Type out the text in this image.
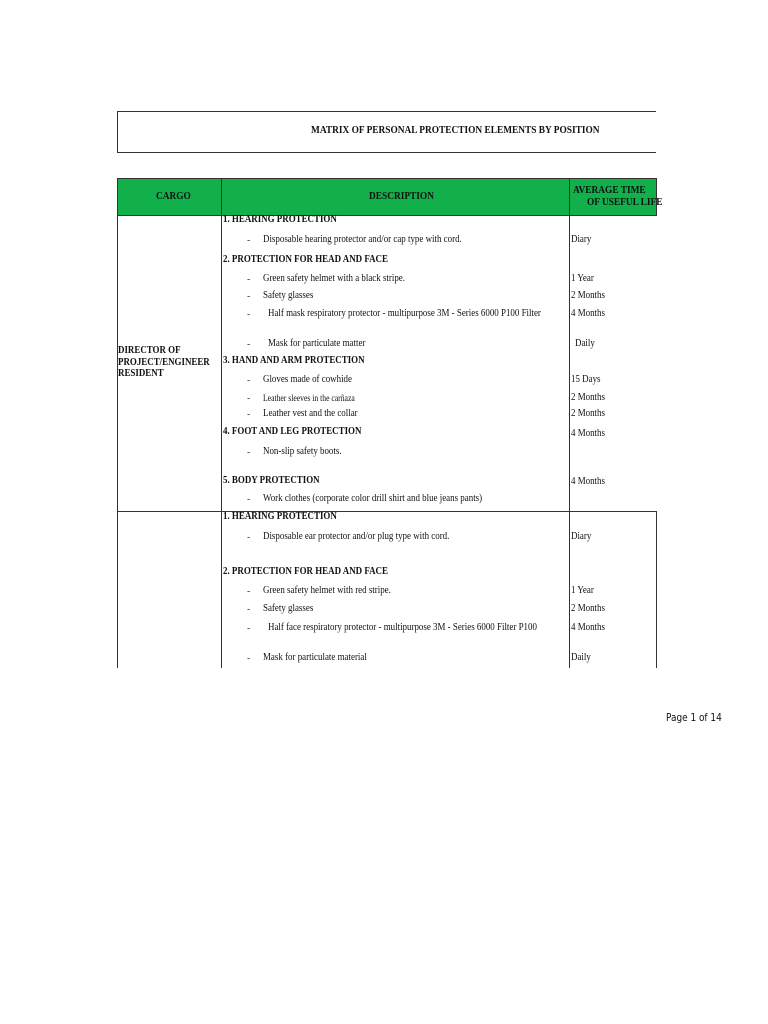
MATRIX OF PERSONAL PROTECTION ELEMENTS BY POSITION
CARGO	DESCRIPTION	AVERAGE TIME
OF USEFUL LIFE
DIRECTOR OF
PROJECT/ENGINEER
RESIDENT
1. HEARING PROTECTION
- Disposable hearing protector and/or cap type with cord.	Diary
2. PROTECTION FOR HEAD AND FACE
- Green safety helmet with a black stripe.	1 Year
- Safety glasses	2 Months
- Half mask respiratory protector - multipurpose 3M - Series 6000 P100 Filter	4 Months
- Mask for particulate matter	Daily
3. HAND AND ARM PROTECTION
- Gloves made of cowhide	15 Days
- Leather sleeves in the carñaza	2 Months
- Leather vest and the collar	2 Months
4. FOOT AND LEG PROTECTION	4 Months
- Non-slip safety boots.
5. BODY PROTECTION	4 Months
- Work clothes (corporate color drill shirt and blue jeans pants)
1. HEARING PROTECTION
- Disposable ear protector and/or plug type with cord.	Diary
2. PROTECTION FOR HEAD AND FACE
- Green safety helmet with red stripe.	1 Year
- Safety glasses	2 Months
- Half face respiratory protector - multipurpose 3M - Series 6000 Filter P100	4 Months
- Mask for particulate material	Daily
Page 1 of 14
